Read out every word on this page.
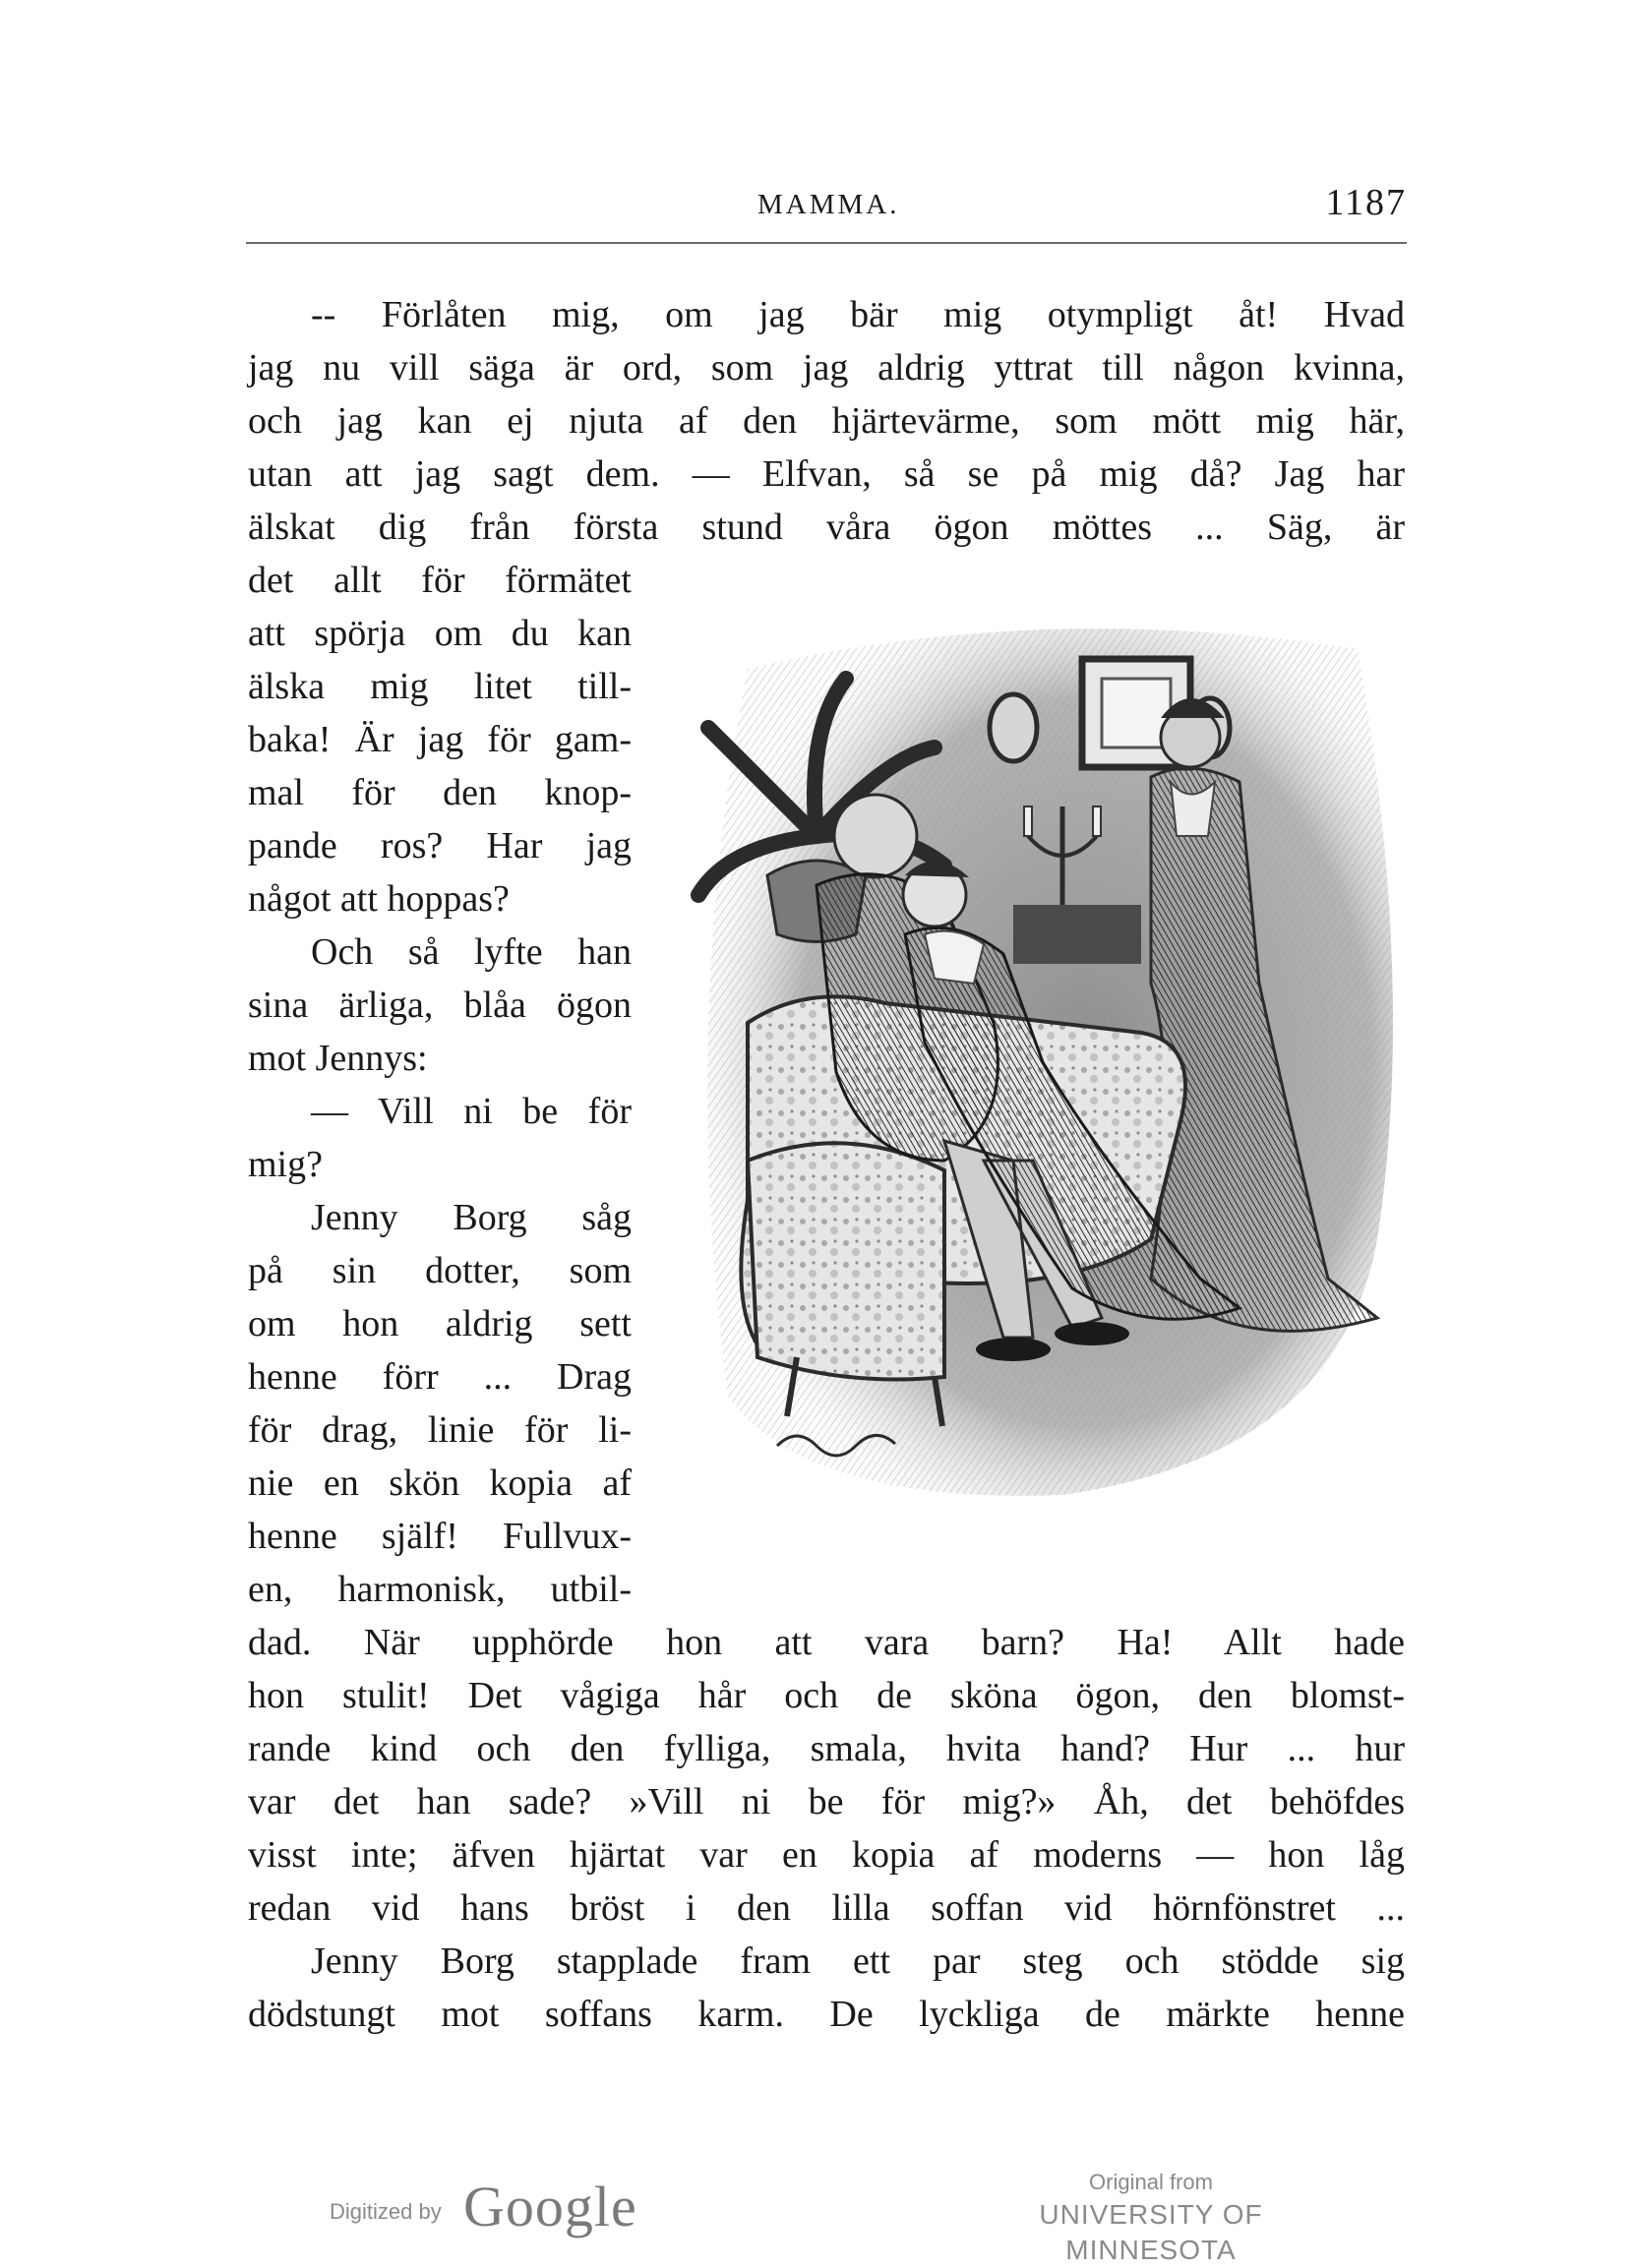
MAMMA.	1187
-- Förlåten mig, om jag bär mig otympligt åt! Hvad
jag nu vill säga är ord, som jag aldrig yttrat till någon kvinna,
och jag kan ej njuta af den hjärtevärme, som mött mig här,
utan att jag sagt dem. — Elfvan, så se på mig då? Jag har
älskat dig från första stund våra ögon möttes ... Säg, är
det allt för förmätet
att spörja om du kan
älska mig litet till-
baka! Är jag för gam-
mal för den knop-
pande ros? Har jag
något att hoppas?
Och så lyfte han
sina ärliga, blåa ögon
mot Jennys:
— Vill ni be för
mig?
Jenny Borg såg
på sin dotter, som
om hon aldrig sett
henne förr ... Drag
för drag, linie för li-
nie en skön kopia af
henne själf! Fullvux-
en, harmonisk, utbil-
dad. När upphörde hon att vara barn? Ha! Allt hade
hon stulit! Det vågiga hår och de sköna ögon, den blomst-
rande kind och den fylliga, smala, hvita hand? Hur ... hur
var det han sade? »Vill ni be för mig?» Åh, det behöfdes
visst inte; äfven hjärtat var en kopia af moderns — hon låg
redan vid hans bröst i den lilla soffan vid hörnfönstret ...
Jenny Borg stapplade fram ett par steg och stödde sig
dödstungt mot soffans karm. De lyckliga de märkte henne
Digitized by Google	Original from
UNIVERSITY OF MINNESOTA
